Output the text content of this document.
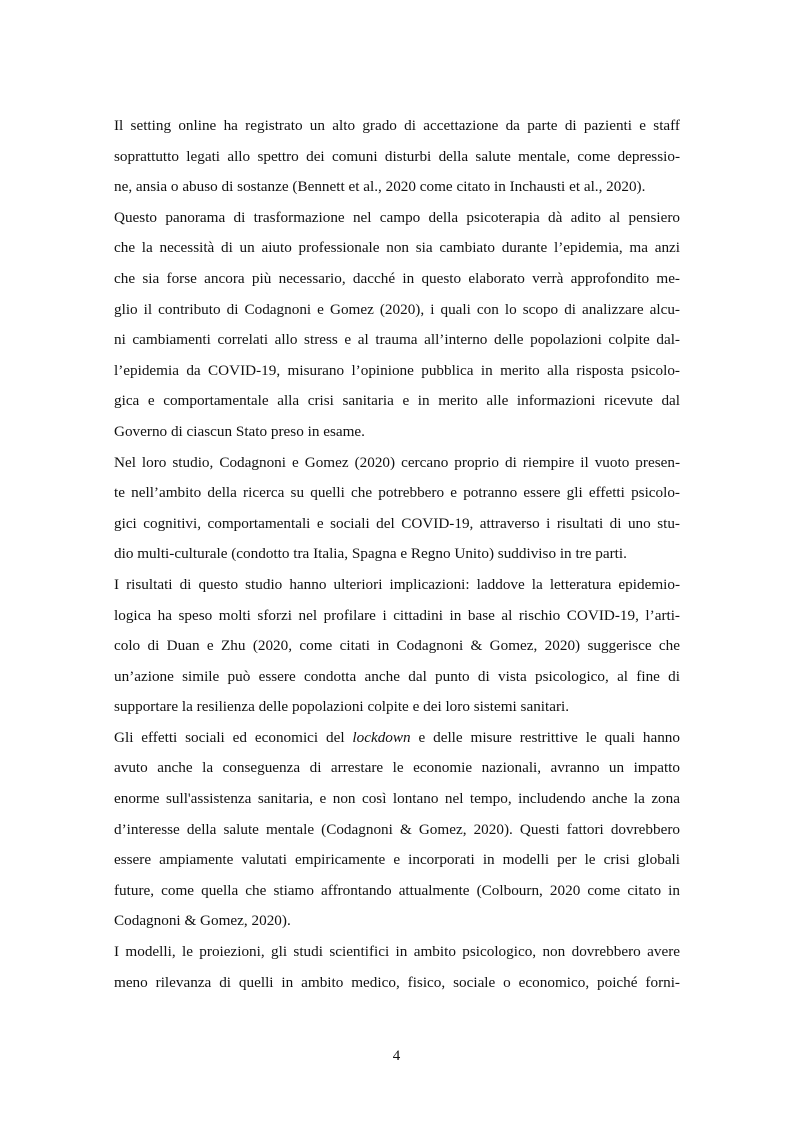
Il setting online ha registrato un alto grado di accettazione da parte di pazienti e staff
soprattutto legati allo spettro dei comuni disturbi della salute mentale, come depressio-
ne, ansia o abuso di sostanze (Bennett et al., 2020 come citato in Inchausti et al., 2020).
Questo panorama di trasformazione nel campo della psicoterapia dà adito al pensiero
che la necessità di un aiuto professionale non sia cambiato durante l’epidemia, ma anzi
che sia forse ancora più necessario, dacché in questo elaborato verrà approfondito me-
glio il contributo di Codagnoni e Gomez (2020), i quali con lo scopo di analizzare alcu-
ni cambiamenti correlati allo stress e al trauma all’interno delle popolazioni colpite dal-
l’epidemia da COVID-19, misurano l’opinione pubblica in merito alla risposta psicolo-
gica e comportamentale alla crisi sanitaria e in merito alle informazioni ricevute dal
Governo di ciascun Stato preso in esame.
Nel loro studio, Codagnoni e Gomez (2020) cercano proprio di riempire il vuoto presen-
te nell’ambito della ricerca su quelli che potrebbero e potranno essere gli effetti psicolo-
gici cognitivi, comportamentali e sociali del COVID-19, attraverso i risultati di uno stu-
dio multi-culturale (condotto tra Italia, Spagna e Regno Unito) suddiviso in tre parti.
I risultati di questo studio hanno ulteriori implicazioni: laddove la letteratura epidemio-
logica ha speso molti sforzi nel profilare i cittadini in base al rischio COVID-19, l’arti-
colo di Duan e Zhu (2020, come citati in Codagnoni & Gomez, 2020) suggerisce che
un’azione simile può essere condotta anche dal punto di vista psicologico, al fine di
supportare la resilienza delle popolazioni colpite e dei loro sistemi sanitari.
Gli effetti sociali ed economici del lockdown e delle misure restrittive le quali hanno
avuto anche la conseguenza di arrestare le economie nazionali, avranno un impatto
enorme sull'assistenza sanitaria, e non così lontano nel tempo, includendo anche la zona
d’interesse della salute mentale (Codagnoni & Gomez, 2020). Questi fattori dovrebbero
essere ampiamente valutati empiricamente e incorporati in modelli per le crisi globali
future, come quella che stiamo affrontando attualmente (Colbourn, 2020 come citato in
Codagnoni & Gomez, 2020).
I modelli, le proiezioni, gli studi scientifici in ambito psicologico, non dovrebbero avere
meno rilevanza di quelli in ambito medico, fisico, sociale o economico, poiché forni-
4
